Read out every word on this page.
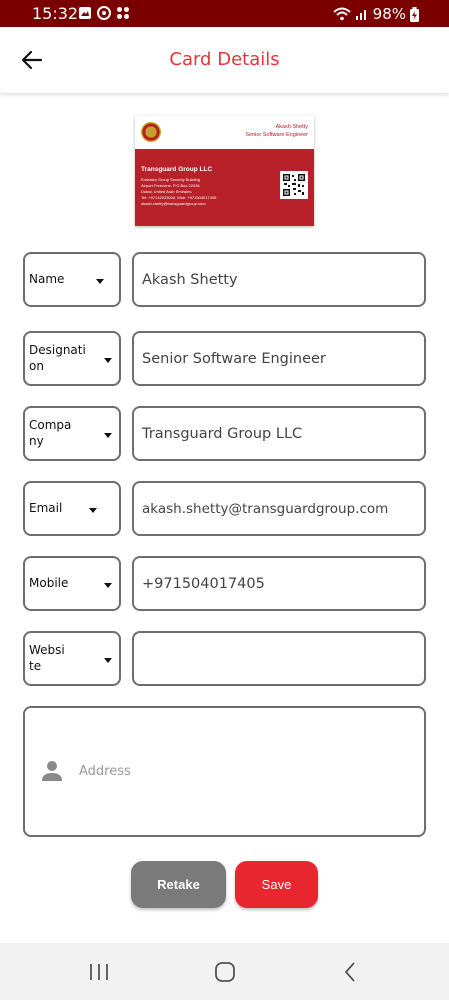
15:32	98%
Card Details
Akash Shetty
Senior Software Engineer
Transguard Group LLC
Emirates Group Security Building
Airport Freezone, P.O.Box 22036
Dubai, United Arab Emirates
Tel: +97142033000, Mob: +971504017405
akash.shetty@transguardgroup.com
Name
Akash Shetty
Designation
Senior Software Engineer
Company
Transguard Group LLC
Email
akash.shetty@transguardgroup.com
Mobile
+971504017405
Website
Address
Retake	Save
